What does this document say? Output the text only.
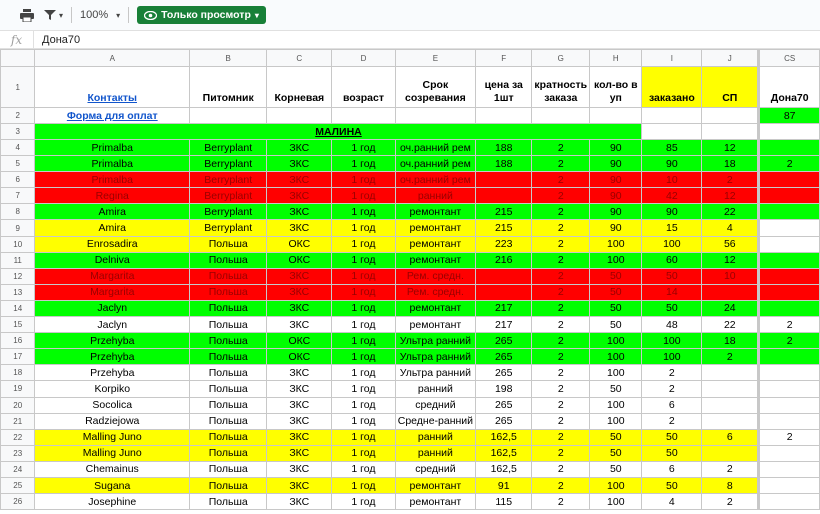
▾ 100% ▾	Только просмотр ▾
fx	Дона70
	A	B	C	D	E	F	G	H	I	J	CS
1	Контакты	Питомник	Корневая	возраст	Срок созревания	цена за 1шт	кратность заказа	кол-во в уп	заказано	СП	Дона70
2	Форма для оплат										87
3	МАЛИНА										
4	Primalba	Berryplant	ЗКС	1 год	оч.ранний рем	188	2	90	85	12	
5	Primalba	Berryplant	ЗКС	1 год	оч.ранний рем	188	2	90	90	18	2
6	Primalba	Berryplant	ЗКС	1 год	оч.ранний рем		2	90	10	2	
7	Regina	Berryplant	ЗКС	1 год	ранний		2	90	42	12	
8	Amira	Berryplant	ЗКС	1 год	ремонтант	215	2	90	90	22	
9	Amira	Berryplant	ЗКС	1 год	ремонтант	215	2	90	15	4	
10	Enrosadira	Польша	ОКС	1 год	ремонтант	223	2	100	100	56	
11	Delniva	Польша	ОКС	1 год	ремонтант	216	2	100	60	12	
12	Margarita	Польша	ЗКС	1 год	Рем. средн.		2	50	50	10	
13	Margarita	Польша	ЗКС	1 год	Рем. средн.		2	50	14		
14	Jaclyn	Польша	ЗКС	1 год	ремонтант	217	2	50	50	24	
15	Jaclyn	Польша	ЗКС	1 год	ремонтант	217	2	50	48	22	2
16	Przehyba	Польша	ОКС	1 год	Ультра ранний	265	2	100	100	18	2
17	Przehyba	Польша	ОКС	1 год	Ультра ранний	265	2	100	100	2	
18	Przehyba	Польша	ЗКС	1 год	Ультра ранний	265	2	100	2		
19	Korpiko	Польша	ЗКС	1 год	ранний	198	2	50	2		
20	Socolica	Польша	ЗКС	1 год	средний	265	2	100	6		
21	Radziejowa	Польша	ЗКС	1 год	Средне-ранний	265	2	100	2		
22	Malling Juno	Польша	ЗКС	1 год	ранний	162,5	2	50	50	6	2
23	Malling Juno	Польша	ЗКС	1 год	ранний	162,5	2	50	50		
24	Chemainus	Польша	ЗКС	1 год	средний	162,5	2	50	6	2	
25	Sugana	Польша	ЗКС	1 год	ремонтант	91	2	100	50	8	
26	Josephine	Польша	ЗКС	1 год	ремонтант	115	2	100	4	2	
